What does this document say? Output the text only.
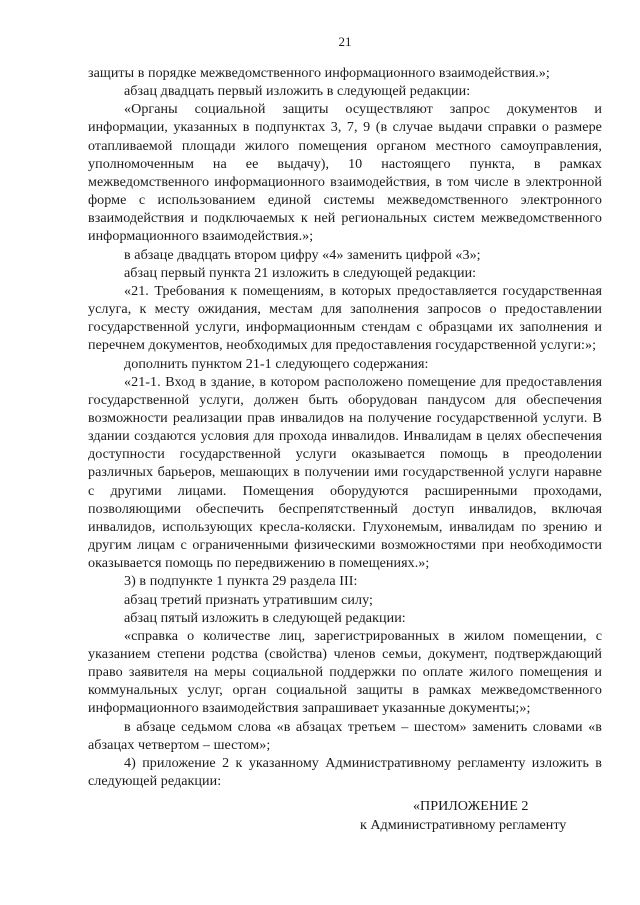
21

защиты в порядке межведомственного информационного взаимодействия.»;

абзац двадцать первый изложить в следующей редакции:

«Органы социальной защиты осуществляют запрос документов и информации, указанных в подпунктах 3, 7, 9 (в случае выдачи справки о размере отапливаемой площади жилого помещения органом местного самоуправления, уполномоченным на ее выдачу), 10 настоящего пункта, в рамках межведомственного информационного взаимодействия, в том числе в электронной форме с использованием единой системы межведомственного электронного взаимодействия и подключаемых к ней региональных систем межведомственного информационного взаимодействия.»;

в абзаце двадцать втором цифру «4» заменить цифрой «3»;

абзац первый пункта 21 изложить в следующей редакции:

«21. Требования к помещениям, в которых предоставляется государственная услуга, к месту ожидания, местам для заполнения запросов о предоставлении государственной услуги, информационным стендам с образцами их заполнения и перечнем документов, необходимых для предоставления государственной услуги:»;

дополнить пунктом 21-1 следующего содержания:

«21-1. Вход в здание, в котором расположено помещение для предоставления государственной услуги, должен быть оборудован пандусом для обеспечения возможности реализации прав инвалидов на получение государственной услуги. В здании создаются условия для прохода инвалидов. Инвалидам в целях обеспечения доступности государственной услуги оказывается помощь в преодолении различных барьеров, мешающих в получении ими государственной услуги наравне с другими лицами. Помещения оборудуются расширенными проходами, позволяющими обеспечить беспрепятственный доступ инвалидов, включая инвалидов, использующих кресла-коляски. Глухонемым, инвалидам по зрению и другим лицам с ограниченными физическими возможностями при необходимости оказывается помощь по передвижению в помещениях.»;

3) в подпункте 1 пункта 29 раздела III:

абзац третий признать утратившим силу;

абзац пятый изложить в следующей редакции:

«справка о количестве лиц, зарегистрированных в жилом помещении, с указанием степени родства (свойства) членов семьи, документ, подтверждающий право заявителя на меры социальной поддержки по оплате жилого помещения и коммунальных услуг, орган социальной защиты в рамках межведомственного информационного взаимодействия запрашивает указанные документы;»;

в абзаце седьмом слова «в абзацах третьем – шестом» заменить словами «в абзацах четвертом – шестом»;

4) приложение 2 к указанному Административному регламенту изложить в следующей редакции:

«ПРИЛОЖЕНИЕ 2
к Административному регламенту
